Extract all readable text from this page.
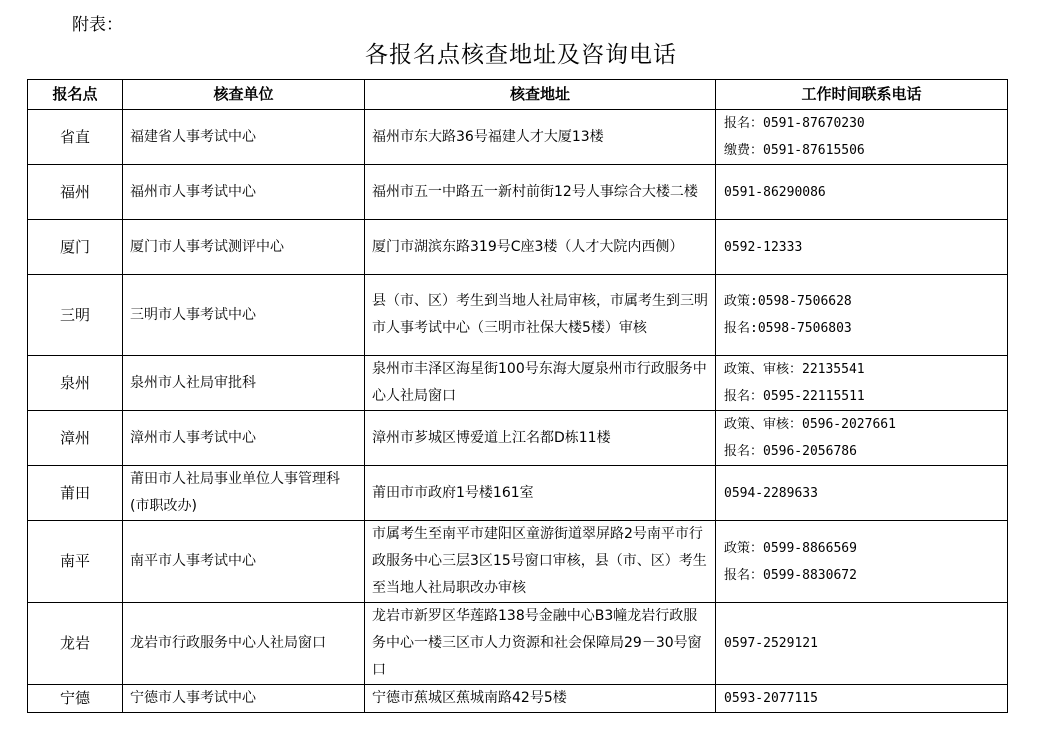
附表：
各报名点核查地址及咨询电话
报名点	核查单位	核查地址	工作时间联系电话
省直	福建省人事考试中心	福州市东大路36号福建人才大厦13楼	报名：0591-87670230
缴费：0591-87615506

福州	福州市人事考试中心	福州市五一中路五一新村前街12号人事综合大楼二楼	0591-86290086

厦门	厦门市人事考试测评中心	厦门市湖滨东路319号C座3楼（人才大院内西侧）	0592-12333

三明	三明市人事考试中心	县（市、区）考生到当地人社局审核，市属考生到三明市人事考试中心（三明市社保大楼5楼）审核	政策:0598-7506628
报名:0598-7506803

泉州	泉州市人社局审批科	泉州市丰泽区海星街100号东海大厦泉州市行政服务中心人社局窗口	政策、审核：22135541
报名：0595-22115511

漳州	漳州市人事考试中心	漳州市芗城区博爱道上江名都D栋11楼	政策、审核：0596-2027661
报名：0596-2056786

莆田	莆田市人社局事业单位人事管理科(市职改办)	莆田市市政府1号楼161室	0594-2289633

南平	南平市人事考试中心	市属考生至南平市建阳区童游街道翠屏路2号南平市行政服务中心三层3区15号窗口审核，县（市、区）考生至当地人社局职改办审核	政策：0599-8866569
报名：0599-8830672

龙岩	龙岩市行政服务中心人社局窗口	龙岩市新罗区华莲路138号金融中心B3幢龙岩行政服务中心一楼三区市人力资源和社会保障局29－30号窗口	0597-2529121

宁德	宁德市人事考试中心	宁德市蕉城区蕉城南路42号5楼	0593-2077115
